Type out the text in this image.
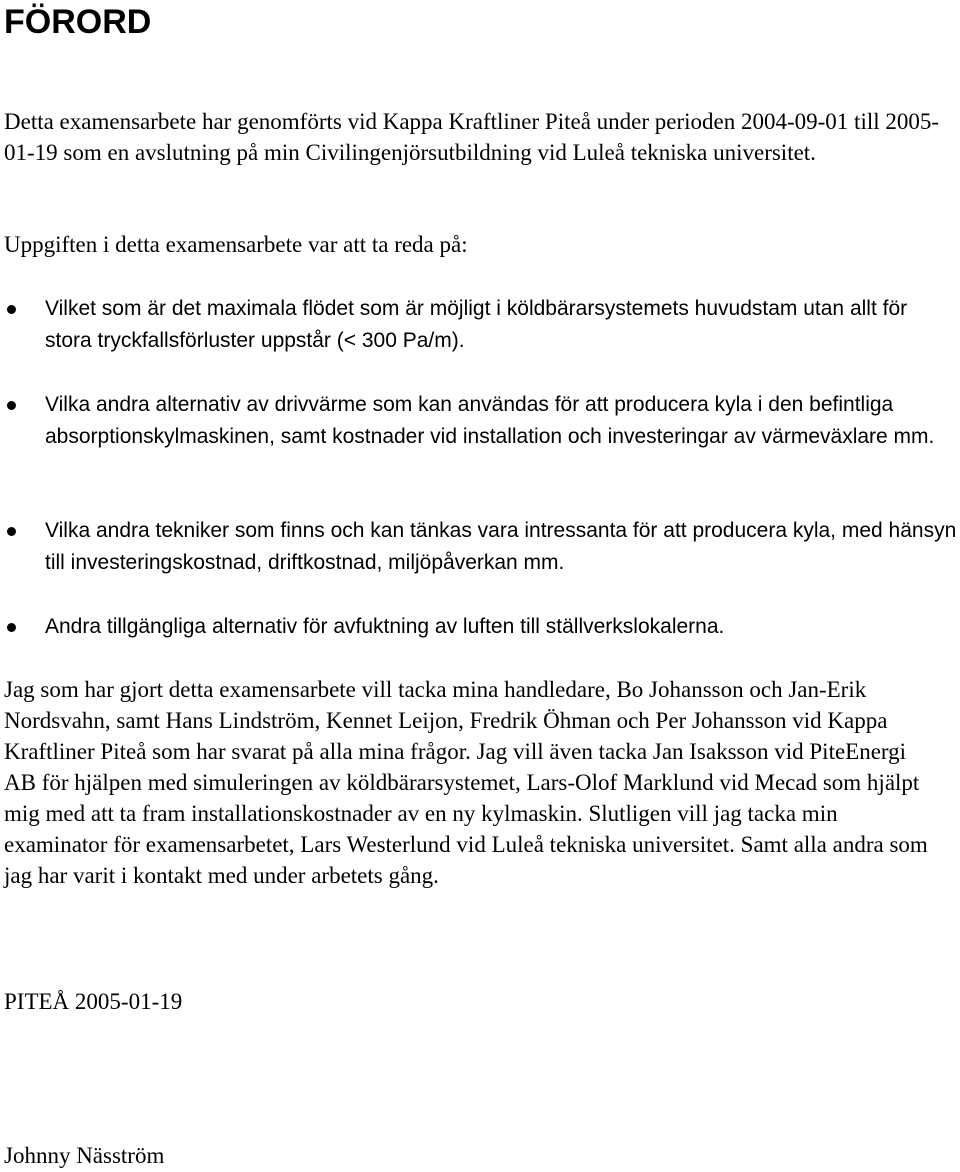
FÖRORD

Detta examensarbete har genomförts vid Kappa Kraftliner Piteå under perioden 2004-09-01 till 2005-01-19 som en avslutning på min Civilingenjörsutbildning vid Luleå tekniska universitet.

Uppgiften i detta examensarbete var att ta reda på:

Vilket som är det maximala flödet som är möjligt i köldbärarsystemets huvudstam utan allt för stora tryckfallsförluster uppstår (< 300 Pa/m).
Vilka andra alternativ av drivvärme som kan användas för att producera kyla i den befintliga absorptionskylmaskinen, samt kostnader vid installation och investeringar av värmeväxlare mm.
Vilka andra tekniker som finns och kan tänkas vara intressanta för att producera kyla, med hänsyn till investeringskostnad, driftkostnad, miljöpåverkan mm.
Andra tillgängliga alternativ för avfuktning av luften till ställverkslokalerna.

Jag som har gjort detta examensarbete vill tacka mina handledare, Bo Johansson och Jan-Erik Nordsvahn, samt Hans Lindström, Kennet Leijon, Fredrik Öhman och Per Johansson vid Kappa Kraftliner Piteå som har svarat på alla mina frågor. Jag vill även tacka Jan Isaksson vid PiteEnergi AB för hjälpen med simuleringen av köldbärarsystemet, Lars-Olof Marklund vid Mecad som hjälpt mig med att ta fram installationskostnader av en ny kylmaskin. Slutligen vill jag tacka min examinator för examensarbetet, Lars Westerlund vid Luleå tekniska universitet. Samt alla andra som jag har varit i kontakt med under arbetets gång.

PITEÅ 2005-01-19

Johnny Näsström
